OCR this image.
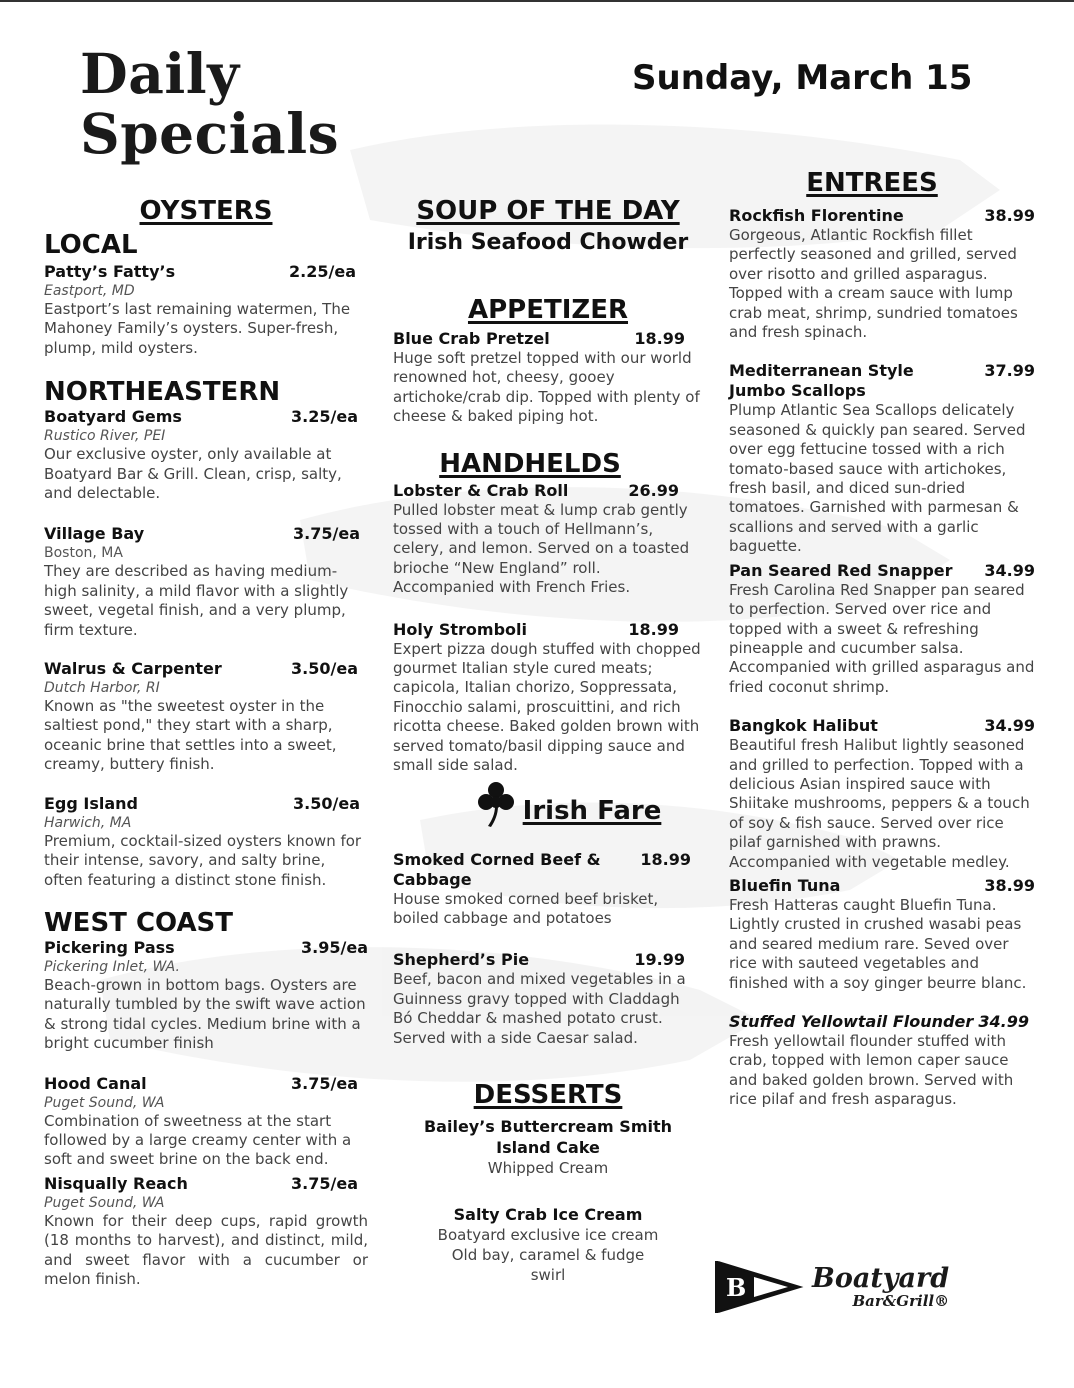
Daily
Specials
Sunday, March 15
OYSTERS
LOCAL
Patty’s Fatty’s	2.25/ea
Eastport, MD
Eastport’s last remaining watermen, The Mahoney Family’s oysters. Super-fresh, plump, mild oysters.
NORTHEASTERN
Boatyard Gems	3.25/ea
Rustico River, PEI
Our exclusive oyster, only available at Boatyard Bar & Grill. Clean, crisp, salty, and delectable.
Village Bay	3.75/ea
Boston, MA
They are described as having medium-high salinity, a mild flavor with a slightly sweet, vegetal finish, and a very plump, firm texture.
Walrus & Carpenter	3.50/ea
Dutch Harbor, RI
Known as "the sweetest oyster in the saltiest pond," they start with a sharp, oceanic brine that settles into a sweet, creamy, buttery finish.
Egg Island	3.50/ea
Harwich, MA
Premium, cocktail-sized oysters known for their intense, savory, and salty brine, often featuring a distinct stone finish.
WEST COAST
Pickering Pass	3.95/ea
Pickering Inlet, WA.
Beach-grown in bottom bags. Oysters are naturally tumbled by the swift wave action & strong tidal cycles. Medium brine with a bright cucumber finish
Hood Canal	3.75/ea
Puget Sound, WA
Combination of sweetness at the start followed by a large creamy center with a soft and sweet brine on the back end.
Nisqually Reach	3.75/ea
Puget Sound, WA
Known for their deep cups, rapid growth (18 months to harvest), and distinct, mild, and sweet flavor with a cucumber or melon finish.
SOUP OF THE DAY
Irish Seafood Chowder
APPETIZER
Blue Crab Pretzel	18.99
Huge soft pretzel topped with our world renowned hot, cheesy, gooey artichoke/crab dip. Topped with plenty of cheese & baked piping hot.
HANDHELDS
Lobster & Crab Roll	26.99
Pulled lobster meat & lump crab gently tossed with a touch of Hellmann’s, celery, and lemon. Served on a toasted brioche “New England” roll. Accompanied with French Fries.
Holy Stromboli	18.99
Expert pizza dough stuffed with chopped gourmet Italian style cured meats; capicola, Italian chorizo, Soppressata, Finocchio salami, proscuittini, and rich ricotta cheese. Baked golden brown with served tomato/basil dipping sauce and small side salad.
Irish Fare
Smoked Corned Beef & Cabbage
18.99
House smoked corned beef brisket, boiled cabbage and potatoes
Shepherd’s Pie	19.99
Beef, bacon and mixed vegetables in a Guinness gravy topped with Claddagh Bó Cheddar & mashed potato crust. Served with a side Caesar salad.
DESSERTS
Bailey’s Buttercream Smith Island Cake
Whipped Cream
Salty Crab Ice Cream
Boatyard exclusive ice cream Old bay, caramel & fudge swirl
ENTREES
Rockfish Florentine	38.99
Gorgeous, Atlantic Rockfish fillet perfectly seasoned and grilled, served over risotto and grilled asparagus. Topped with a cream sauce with lump crab meat, shrimp, sundried tomatoes and fresh spinach.
Mediterranean Style Jumbo Scallops
37.99
Plump Atlantic Sea Scallops delicately seasoned & quickly pan seared. Served over egg fettucine tossed with a rich tomato-based sauce with artichokes, fresh basil, and diced sun-dried tomatoes. Garnished with parmesan & scallions and served with a garlic baguette.
Pan Seared Red Snapper 34.99
Fresh Carolina Red Snapper pan seared to perfection. Served over rice and topped with a sweet & refreshing pineapple and cucumber salsa. Accompanied with grilled asparagus and fried coconut shrimp.
Bangkok Halibut	34.99
Beautiful fresh Halibut lightly seasoned and grilled to perfection. Topped with a delicious Asian inspired sauce with Shiitake mushrooms, peppers & a touch of soy & fish sauce. Served over rice pilaf garnished with prawns. Accompanied with vegetable medley.
Bluefin Tuna	38.99
Fresh Hatteras caught Bluefin Tuna. Lightly crusted in crushed wasabi peas and seared medium rare. Seved over rice with sauteed vegetables and finished with a soy ginger beurre blanc.
Stuffed Yellowtail Flounder 34.99
Fresh yellowtail flounder stuffed with crab, topped with lemon caper sauce and baked golden brown. Served with rice pilaf and fresh asparagus.
B Boatyard
Bar&Grill®
